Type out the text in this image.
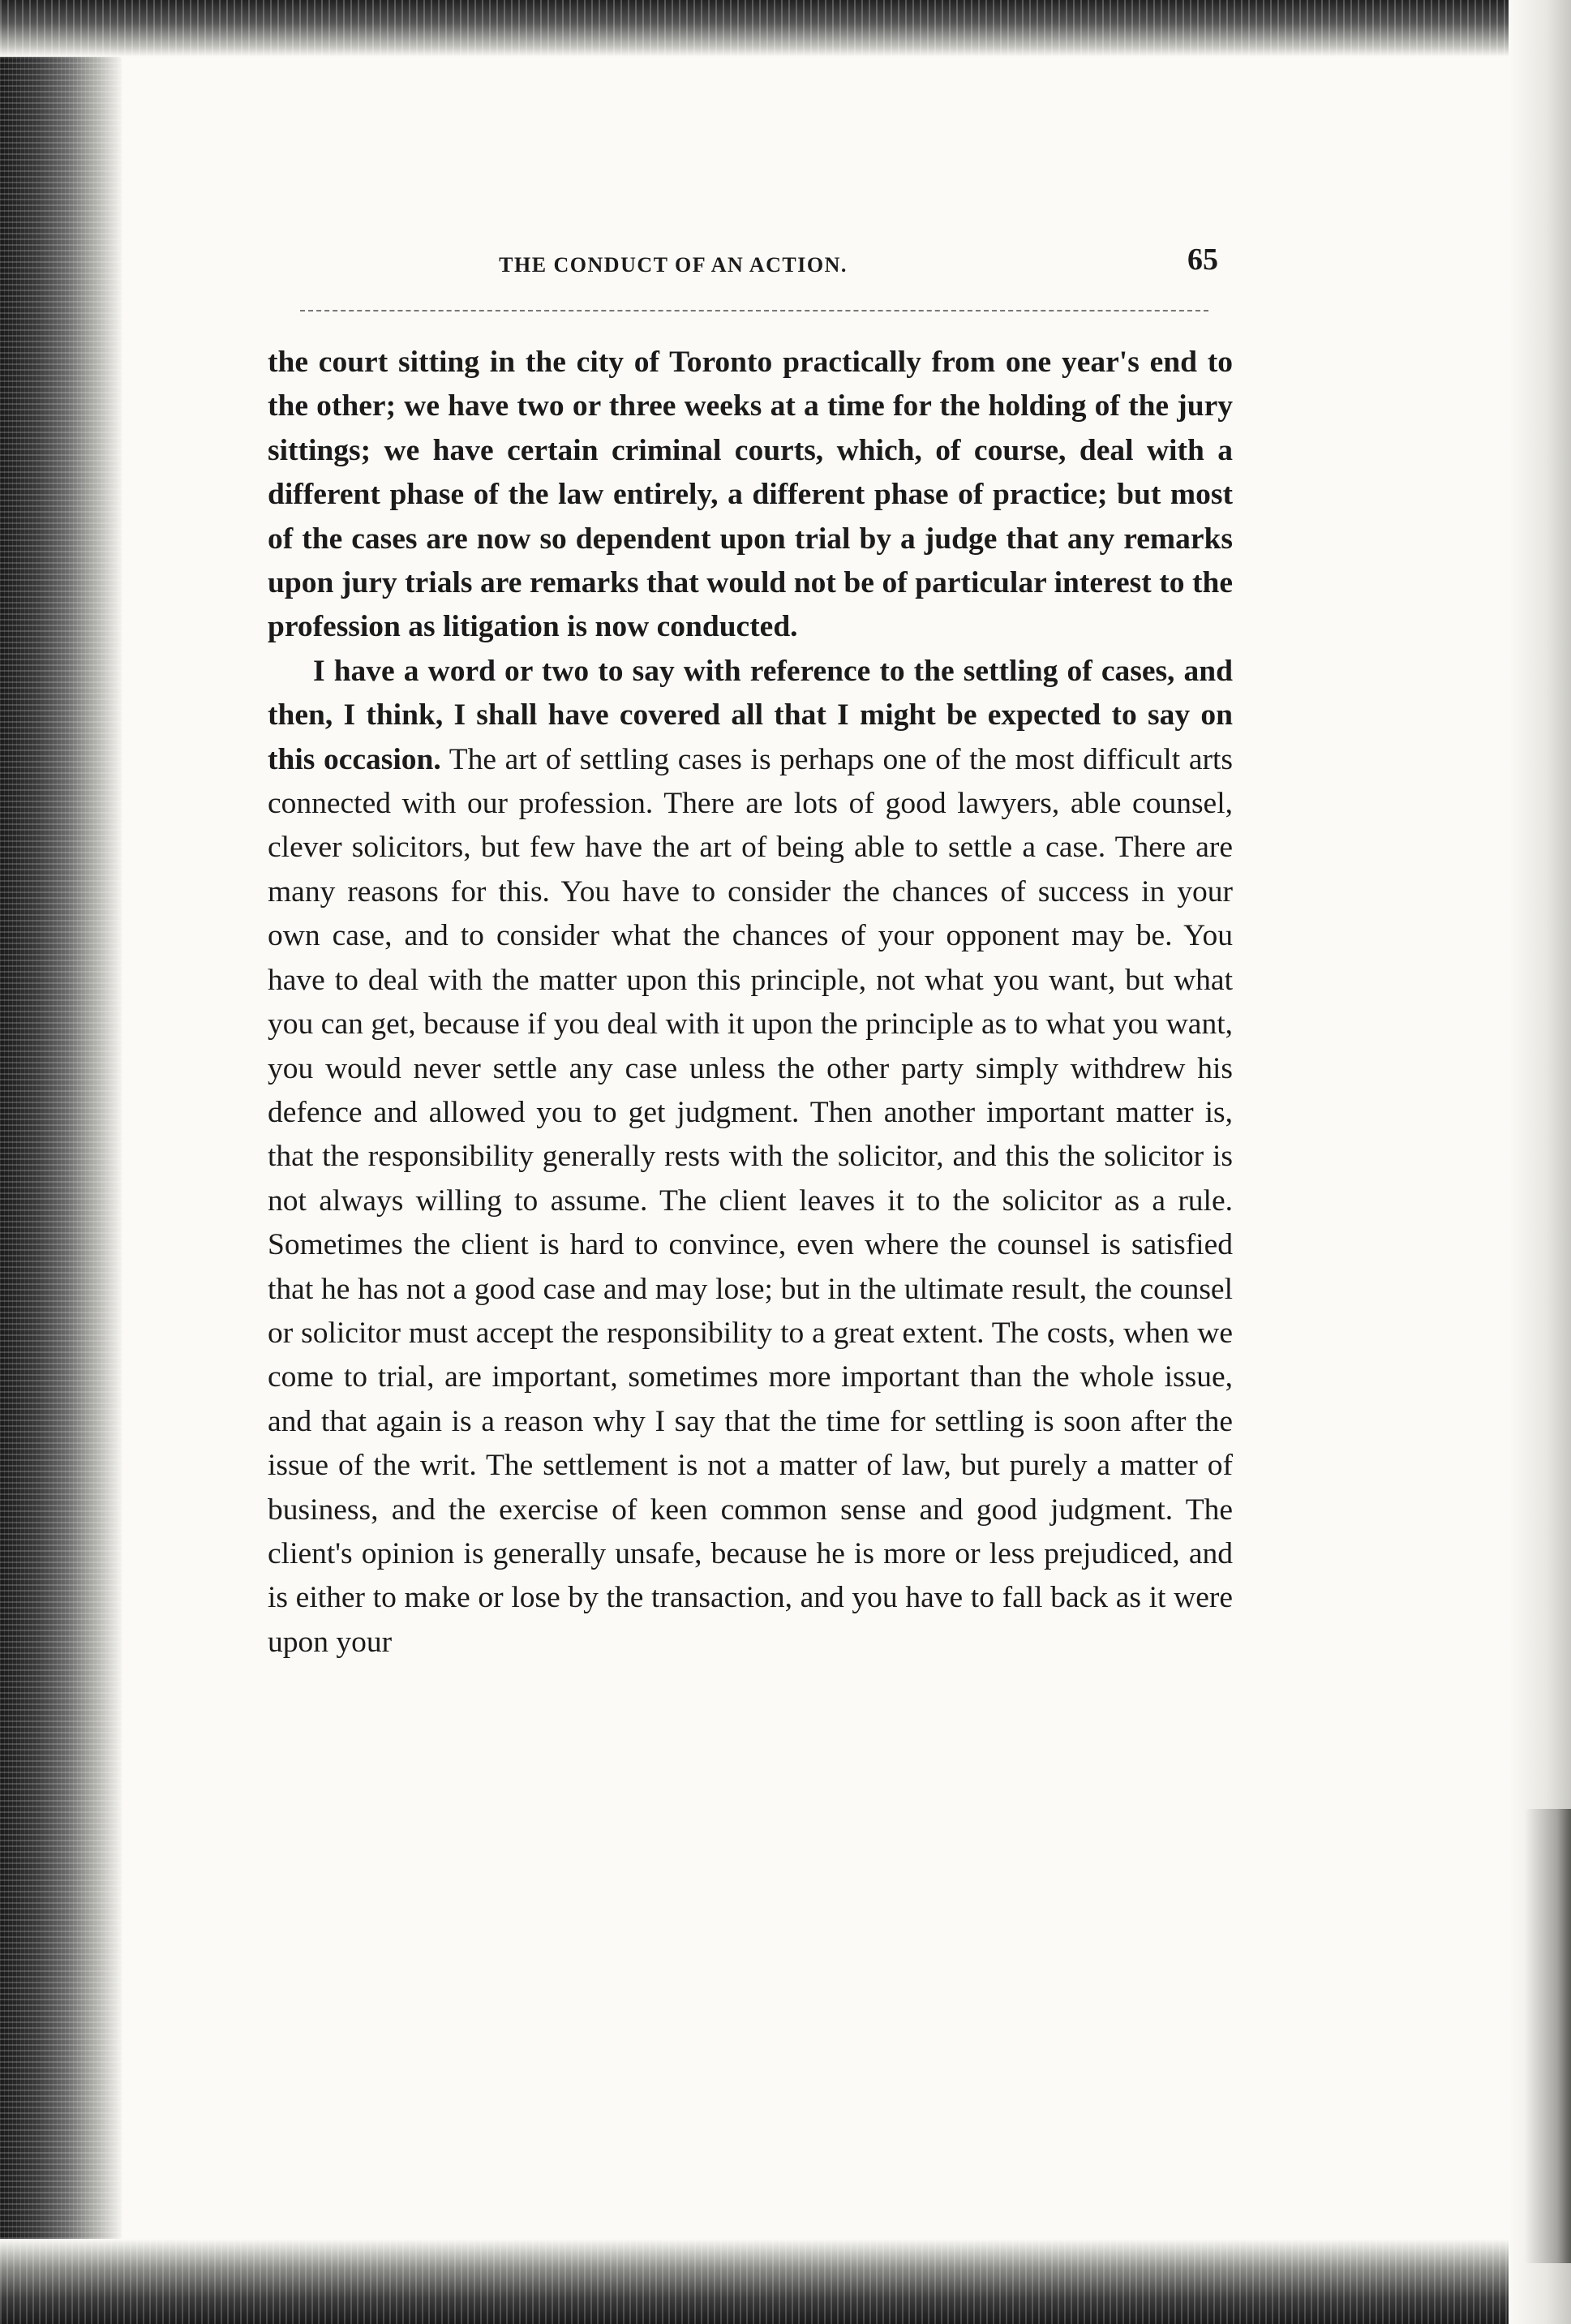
THE CONDUCT OF AN ACTION.	65

the court sitting in the city of Toronto practically from one year's end to the other; we have two or three weeks at a time for the holding of the jury sittings; we have certain criminal courts, which, of course, deal with a different phase of the law entirely, a different phase of practice; but most of the cases are now so dependent upon trial by a judge that any remarks upon jury trials are remarks that would not be of particular interest to the profession as litigation is now conducted.

I have a word or two to say with reference to the settling of cases, and then, I think, I shall have covered all that I might be expected to say on this occasion. The art of settling cases is perhaps one of the most difficult arts connected with our profession. There are lots of good lawyers, able counsel, clever solicitors, but few have the art of being able to settle a case. There are many reasons for this. You have to consider the chances of success in your own case, and to consider what the chances of your opponent may be. You have to deal with the matter upon this principle, not what you want, but what you can get, because if you deal with it upon the principle as to what you want, you would never settle any case unless the other party simply withdrew his defence and allowed you to get judgment. Then another important matter is, that the responsibility generally rests with the solicitor, and this the solicitor is not always willing to assume. The client leaves it to the solicitor as a rule. Sometimes the client is hard to convince, even where the counsel is satisfied that he has not a good case and may lose; but in the ultimate result, the counsel or solicitor must accept the responsibility to a great extent. The costs, when we come to trial, are important, sometimes more important than the whole issue, and that again is a reason why I say that the time for settling is soon after the issue of the writ. The settlement is not a matter of law, but purely a matter of business, and the exercise of keen common sense and good judgment. The client's opinion is generally unsafe, because he is more or less prejudiced, and is either to make or lose by the transaction, and you have to fall back as it were upon your
